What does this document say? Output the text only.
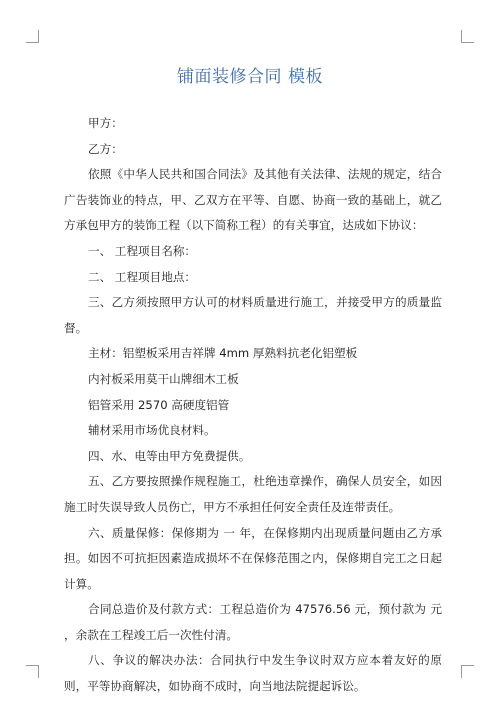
铺面装修合同 模板

甲方：

乙方：

依照《中华人民共和国合同法》及其他有关法律、法规的规定，结合广告装饰业的特点，甲、乙双方在平等、自愿、协商一致的基础上，就乙方承包甲方的装饰工程（以下简称工程）的有关事宜，达成如下协议：

一、 工程项目名称：

二、 工程项目地点：

三、乙方须按照甲方认可的材料质量进行施工，并接受甲方的质量监督。

主材：铝塑板采用吉祥牌 4mm 厚熟料抗老化铝塑板

内衬板采用莫干山牌细木工板

铝管采用 2570 高硬度铝管

辅材采用市场优良材料。

四、水、电等由甲方免费提供。

五、乙方要按照操作规程施工，杜绝违章操作，确保人员安全，如因施工时失误导致人员伤亡，甲方不承担任何安全责任及连带责任。

六、质量保修：保修期为 一 年，在保修期内出现质量问题由乙方承担。如因不可抗拒因素造成损坏不在保修范围之内，保修期自完工之日起计算。

合同总造价及付款方式：工程总造价为 47576.56 元，预付款为 元 ，余款在工程竣工后一次性付清。

八、争议的解决办法：合同执行中发生争议时双方应本着友好的原则，平等协商解决，如协商不成时，向当地法院提起诉讼。
